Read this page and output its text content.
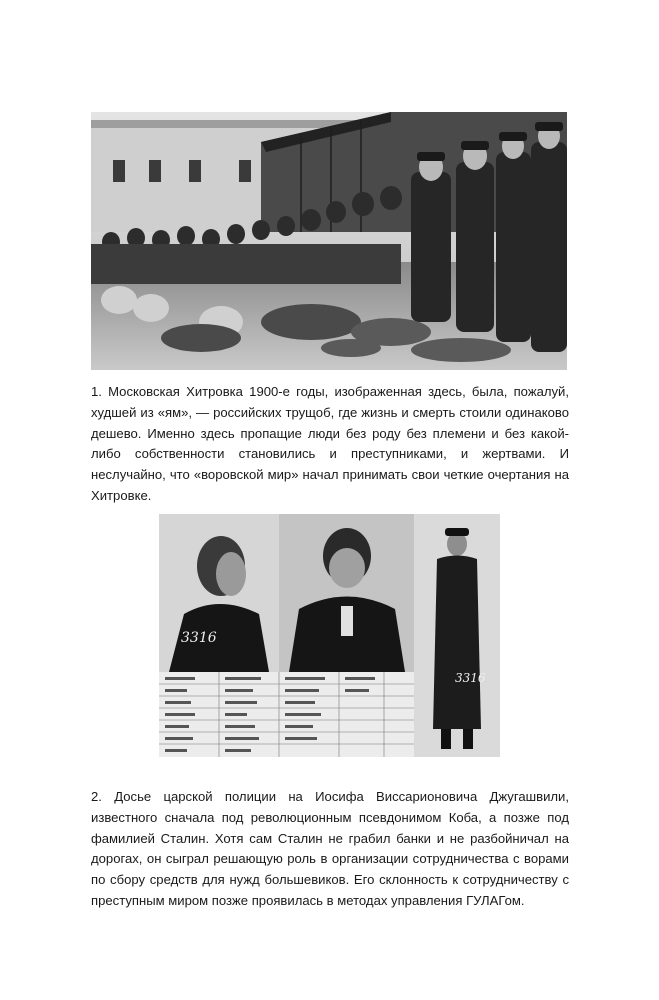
1. Московская Хитровка 1900-е годы, изображенная здесь, была, пожалуй, худшей из «ям», — российских трущоб, где жизнь и смерть стоили одинаково дешево. Именно здесь пропащие люди без роду без племени и без какой-либо собственности становились и преступниками, и жертвами. И неслучайно, что «воровской мир» начал принимать свои четкие очертания на Хитровке.

3316
3316

2. Досье царской полиции на Иосифа Виссарионовича Джугашвили, известного сначала под революционным псевдонимом Коба, а позже под фамилией Сталин. Хотя сам Сталин не грабил банки и не разбойничал на дорогах, он сыграл решающую роль в организации сотрудничества с ворами по сбору средств для нужд большевиков. Его склонность к сотрудничеству с преступным миром позже проявилась в методах управления ГУЛАГом.
